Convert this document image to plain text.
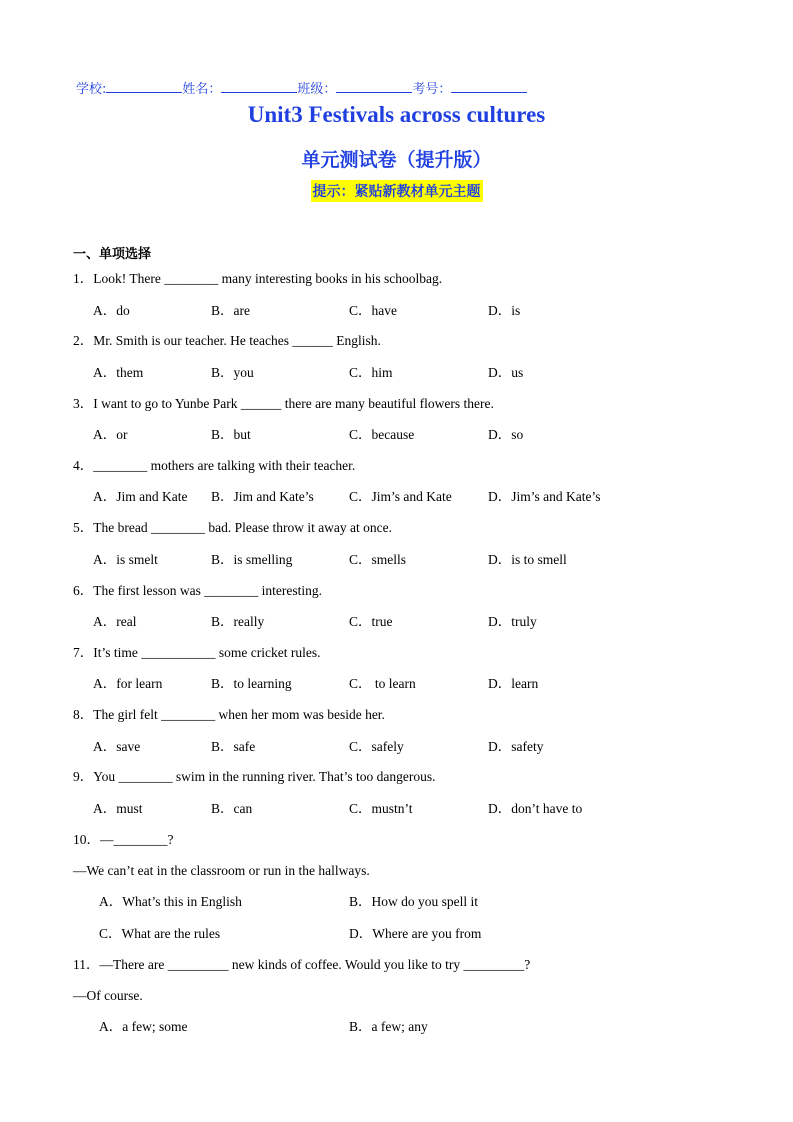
学校:	姓名：	班级：	考号：
Unit3 Festivals across cultures
单元测试卷（提升版）
提示：紧贴新教材单元主题
一、单项选择
1．Look! There ________ many interesting books in his schoolbag.
A．do	B．are	C．have	D．is
2．Mr. Smith is our teacher. He teaches ______ English.
A．them	B．you	C．him	D．us
3．I want to go to Yunbe Park ______ there are many beautiful flowers there.
A．or	B．but	C．because	D．so
4．________ mothers are talking with their teacher.
A．Jim and Kate B．Jim and Kate’s	C．Jim’s and Kate	D．Jim’s and Kate’s
5．The bread ________ bad. Please throw it away at once.
A．is smelt	B．is smelling	C．smells	D．is to smell
6．The first lesson was ________ interesting.
A．real	B．really	C．true	D．truly
7．It’s time ___________ some cricket rules.
A．for learn	B．to learning	C． to learn	D．learn
8．The girl felt ________ when her mom was beside her.
A．save	B．safe	C．safely	D．safety
9．You ________ swim in the running river. That’s too dangerous.
A．must	B．can	C．mustn’t	D．don’t have to
10．—________?
—We can’t eat in the classroom or run in the hallways.
A．What’s this in English	B．How do you spell it
C．What are the rules	D．Where are you from
11．—There are _________ new kinds of coffee. Would you like to try _________?
—Of course.
A．a few; some	B．a few; any
